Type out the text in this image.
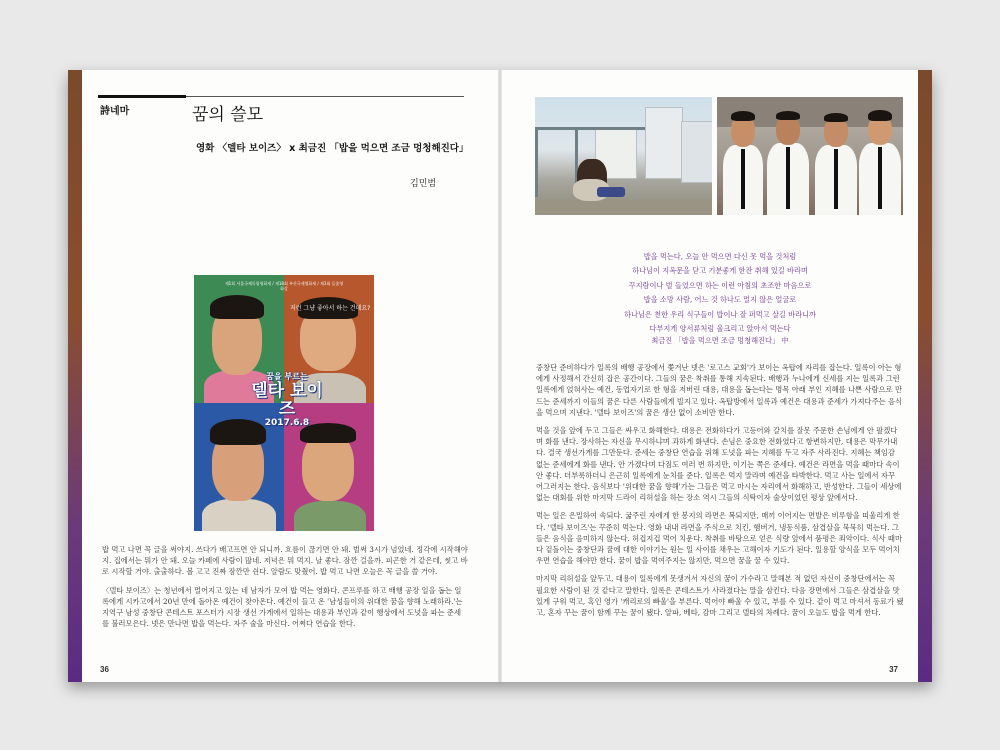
詩네마	꿈의 쓸모
영화 〈델타 보이즈〉 x 최금진 「밥을 먹으면 조금 멍청해진다」
김민범
제1회 서울국제독립영화제 / 제18회 부산국제영화제 / 제3회 들꽃영화상
저런 그냥 좋아서 하는 건데요?
꿈을 부르는
델타 보이즈
2017.6.8

밥 먹고 나면 꼭 글을 써야지. 쓰다가 배고프면 안 되니까. 흐름이 끊기면 안 돼. 벌써 3시가 넘었네. 정각에 시작해야지. 집에서는 뭐가 안 돼. 오늘 카페에 사람이 많네. 저녁은 뭐 먹지. 날 좋다. 잠깐 걸을까. 피곤한 거 같은데, 씻고 바로 시작할 거야. 출출하다. 볼 고고 진짜 잠깐만 쉰다. 알람도 맞췄어. 밥 먹고 나면 오늘은 꼭 글을 쓸 거야.

〈델타 보이즈〉는 청년에서 멀어지고 있는 네 남자가 모여 밥 먹는 영화다. 콘프루를 하고 배행 공장 일을 돕는 일록에게 시카고에서 20년 만에 돌아온 예건이 찾아온다. 예건이 들고 온 '남성들이의 위대한 꿈을 향해 노래하라.'는 지역구 남성 중창단 콘테스트 포스터가 시장 생선 가게에서 일하는 대용과 부인과 같이 행상에서 도넛을 파는 준세를 불러모은다. 넷은 만나면 밥을 먹는다. 자주 술을 마신다. 어쩌다 연습을 한다.

36
밥을 먹는다, 오늘 안 먹으면 다신 못 먹을 것처럼
하나님이 지옥문을 닫고 기분좋게 한잔 취해 있길 바라며
꾸지람이나 벌 들었으면 하는 이런 아침의 초조한 마음으로
밥을 소망 사람, 어느 것 하나도 멀지 않은 얼굴로
하나님은 천한 우리 식구들이 밥이나 잘 퍼먹고 살길 바라니까
다부지게 양서류처럼 울크리고 앉아서 먹는다
최금진 「밥을 먹으면 조금 멍청해진다」 中

중창단 준비하다가 일록의 배행 공장에서 쫓겨난 넷은 '로고스 교회'가 보이는 옥탑에 자리를 잡는다. 일록이 아는 형에게 사정해서 간신히 잡은 공간이다. 그들의 꿈은 착취를 통해 지속된다. 배행과 누나에게 신세를 지는 일록과 그런 일록에게 얹혀사는 예건, 동업자기로 한 형을 저버린 대용, 대용을 돕는다는 명목 아래 부인 지혜를 나쁜 사람으로 만드는 준세까지 이들의 꿈은 다른 사람들에게 빌지고 있다. 옥탑방에서 일록과 예건은 대용과 준세가 가져다주는 음식을 먹으며 지낸다. '델타 보이즈'의 꿈은 생산 없이 소비만 한다.

먹을 것을 앞에 두고 그들은 싸우고 화해한다. 대용은 전화하다가 고등어와 갈치를 잘못 주문한 손님에게 안 팔겠다며 화를 낸다. 장사하는 자신을 무시하냐며 과하게 화낸다. 손님은 중요한 전화였다고 항변하지만, 대용은 막무가내다. 결국 생선가게를 그만둔다. 준세는 중창단 연습을 위해 도넛을 파는 지혜를 두고 자주 사라진다. 지혜는 책임감 없는 준세에게 화를 낸다. 안 가겠다며 다짐도 여러 번 하지만, 이기는 쪽은 준세다. 예건은 라면을 먹을 때마다 속이 안 좋다. 더부룩하더니 은근히 일록에게 눈치를 준다. 일록은 먹지 말라며 예건을 타박한다. 먹고 사는 일에서 자꾸 어그러지는 한다. 음식보다 '위대한 꿈을 향해'가는 그들은 먹고 마시는 자리에서 화해하고, 반성한다. 그들이 세상에 없는 대회를 위한 마지막 드라이 리허설을 하는 장소 역시 그들의 식탁이자 술상이었던 평상 앞에서다.

먹는 일은 은밀하여 속되다. 굶주린 자에게 한 봉지의 라면은 복되지만, 매끼 이어지는 면발은 비루함을 띠울리게 한다. '델타 보이즈'는 꾸준히 먹는다. 영화 내내 라면을 주식으로 치킨, 햄버거, 냉동식품, 삼겹살을 묵묵히 먹는다. 그들은 음식을 음미하지 않는다. 허겁지겁 먹어 치운다. 착취를 바탕으로 얻은 식량 앞에서 품평은 죄악이다. 식사 때마다 겉돌이는 중창단과 꿈에 대한 이야기는 원는 일 사이를 채우는 고해이자 기도가 된다. 일용할 양식을 모두 먹어치우면 연습을 해야만 한다. 꿈이 밥을 먹여주지는 않지만, 먹으면 꿈을 꿀 수 있다.

마지막 리허설을 앞두고, 대용이 일록에게 못생겨서 자신의 꿈이 가수라고 말해본 적 없던 자신이 중창단에서는 꼭 필요한 사람이 된 것 같다고 말한다. 일록은 콘테스트가 사라졌다는 말을 삼킨다. 다음 장면에서 그들은 삼겹살을 맛있게 구워 먹고, 혹인 영가 '캐리로의 빠울'을 부른다. 먹어야 빠울 수 있고, 부를 수 있다. 같이 먹고 마셔서 동료가 됐고, 혼자 꾸는 꿈이 함께 꾸는 꿈이 됐다. 알파, 베타, 감마 그리고 델타의 차례다. 꿈이 오늘도 밥을 먹게 한다.

37
